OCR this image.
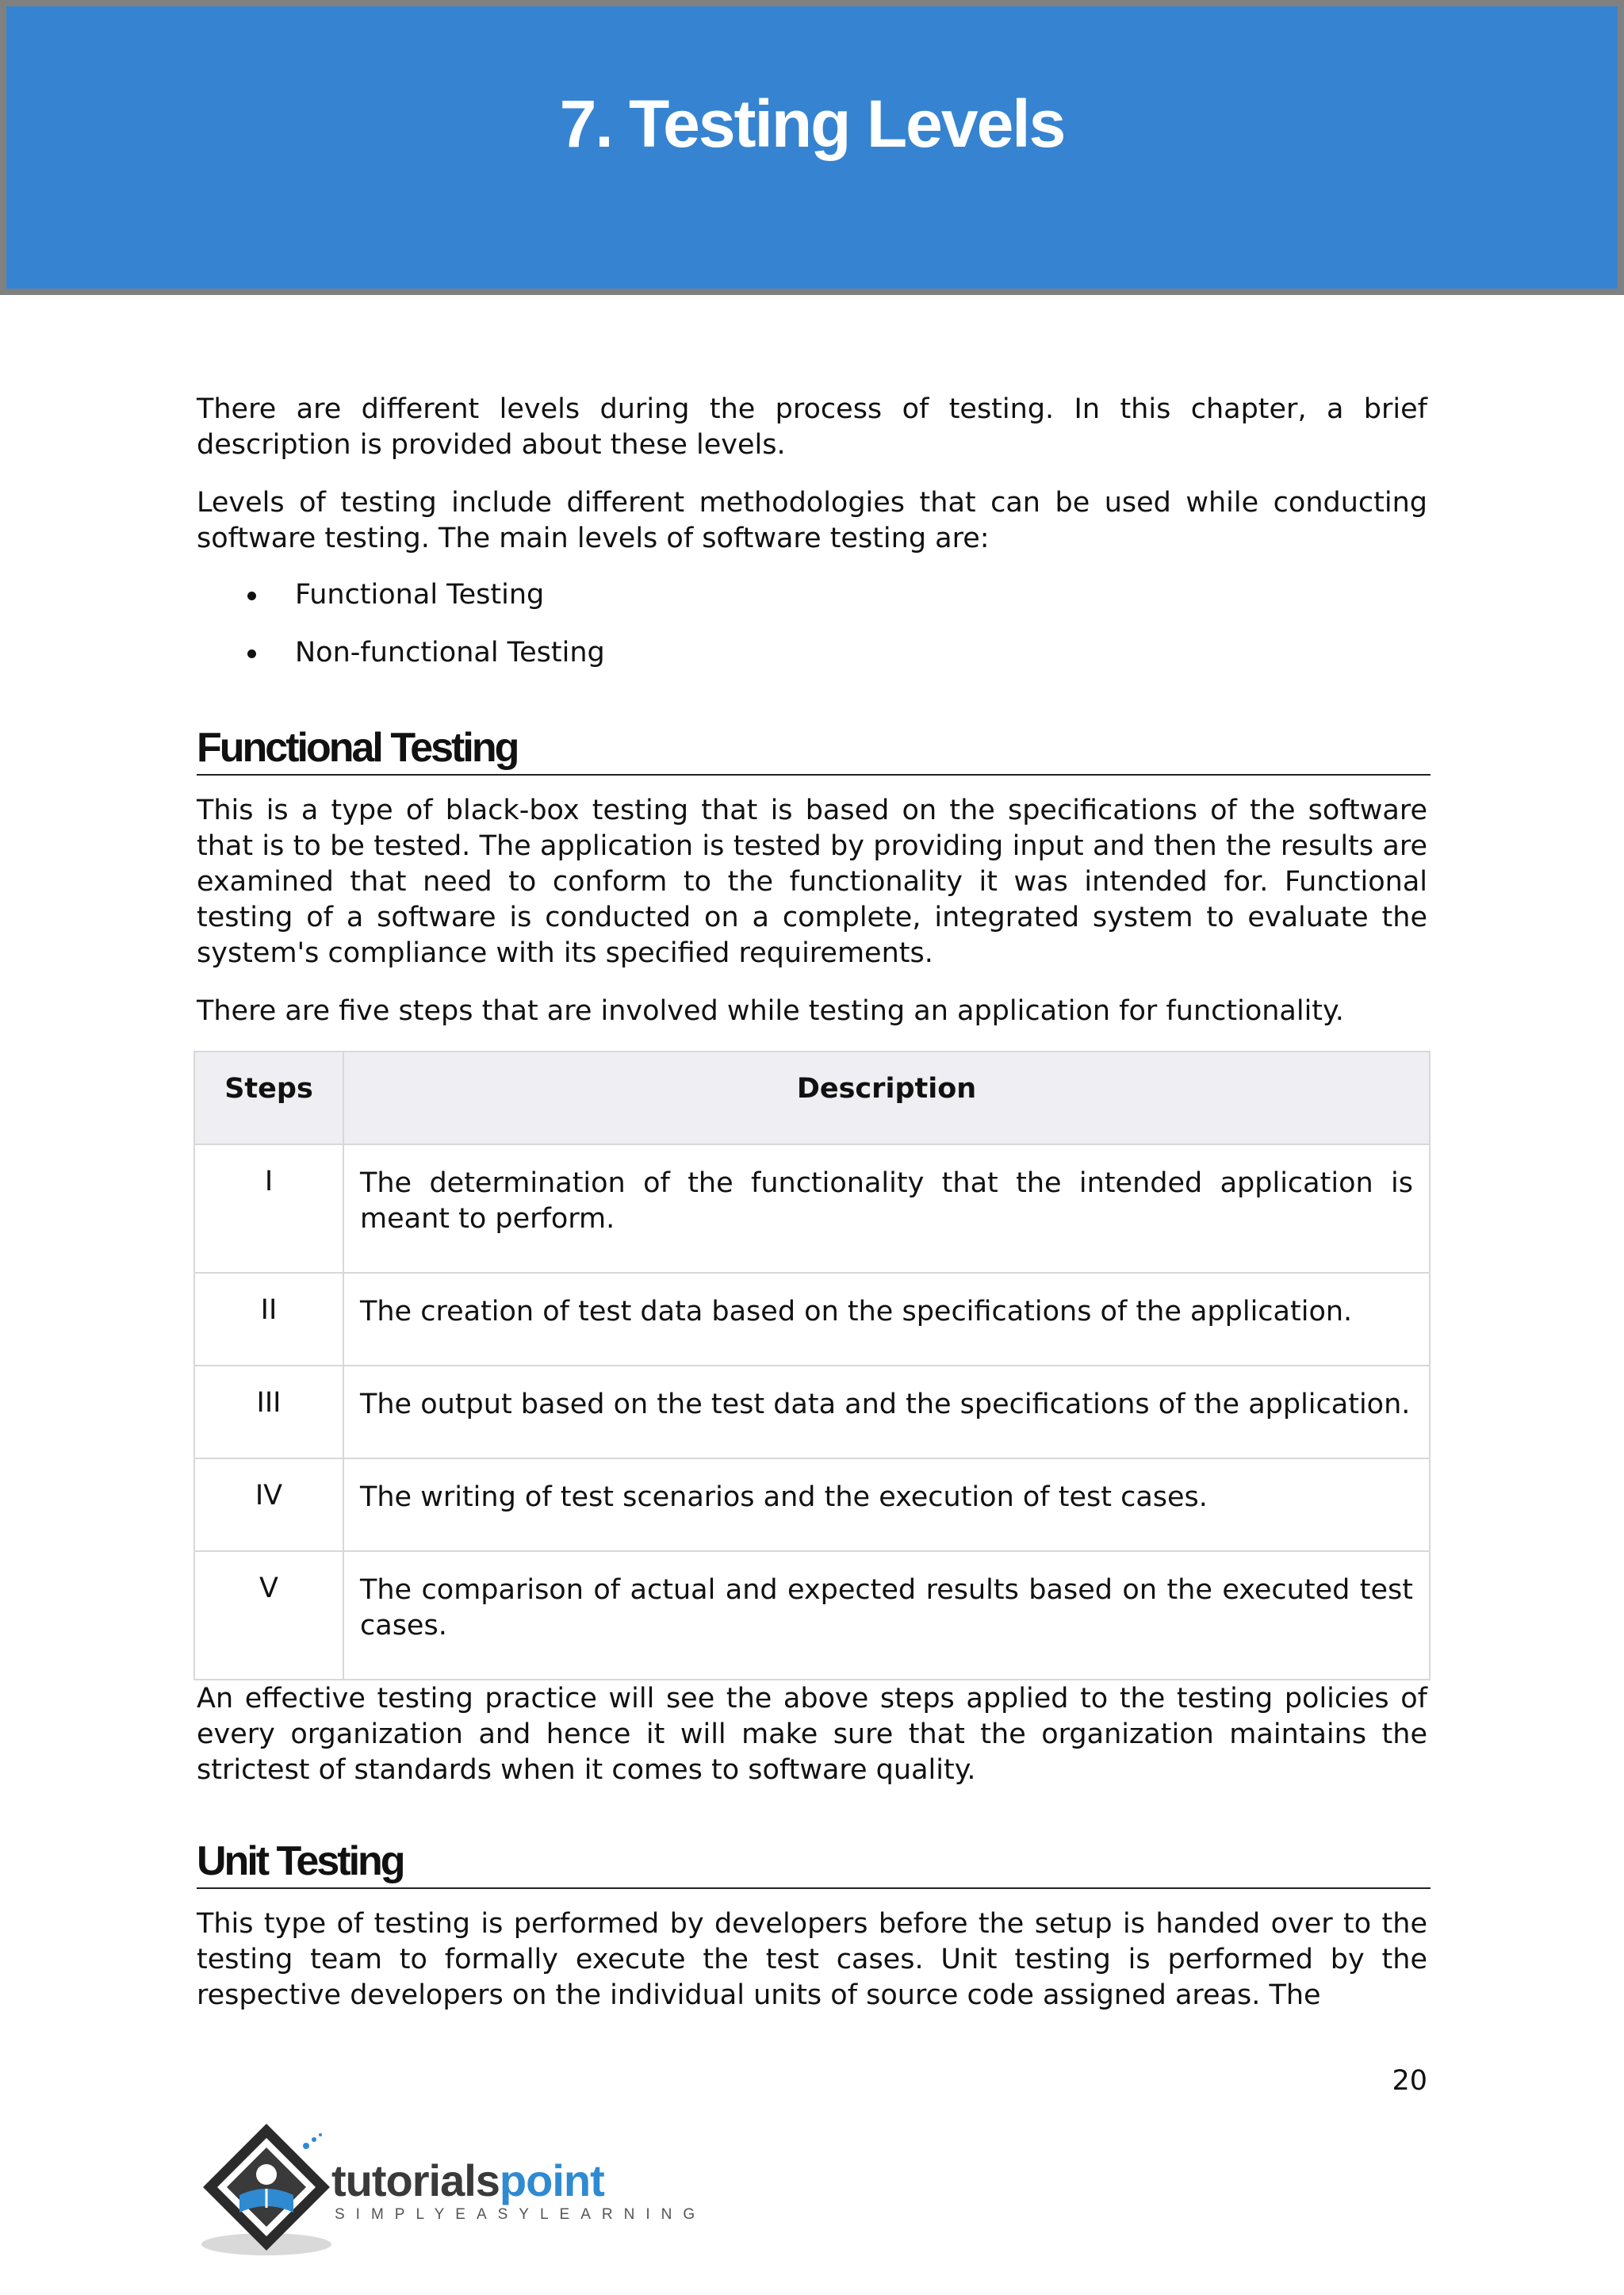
7. Testing Levels

There are different levels during the process of testing. In this chapter, a brief description is provided about these levels.

Levels of testing include different methodologies that can be used while conducting software testing. The main levels of software testing are:

Functional Testing
Non-functional Testing
Functional Testing

This is a type of black-box testing that is based on the specifications of the software that is to be tested. The application is tested by providing input and then the results are examined that need to conform to the functionality it was intended for. Functional testing of a software is conducted on a complete, integrated system to evaluate the system's compliance with its specified requirements.

There are five steps that are involved while testing an application for functionality.

Steps	Description
I	The determination of the functionality that the intended application is meant to perform.
II	The creation of test data based on the specifications of the application.
III	The output based on the test data and the specifications of the application.
IV	The writing of test scenarios and the execution of test cases.
V	The comparison of actual and expected results based on the executed test cases.

An effective testing practice will see the above steps applied to the testing policies of every organization and hence it will make sure that the organization maintains the strictest of standards when it comes to software quality.

Unit Testing

This type of testing is performed by developers before the setup is handed over to the testing team to formally execute the test cases. Unit testing is performed by the respective developers on the individual units of source code assigned areas. The

20
tutorialspoint
SIMPLYEASYLEARNING
